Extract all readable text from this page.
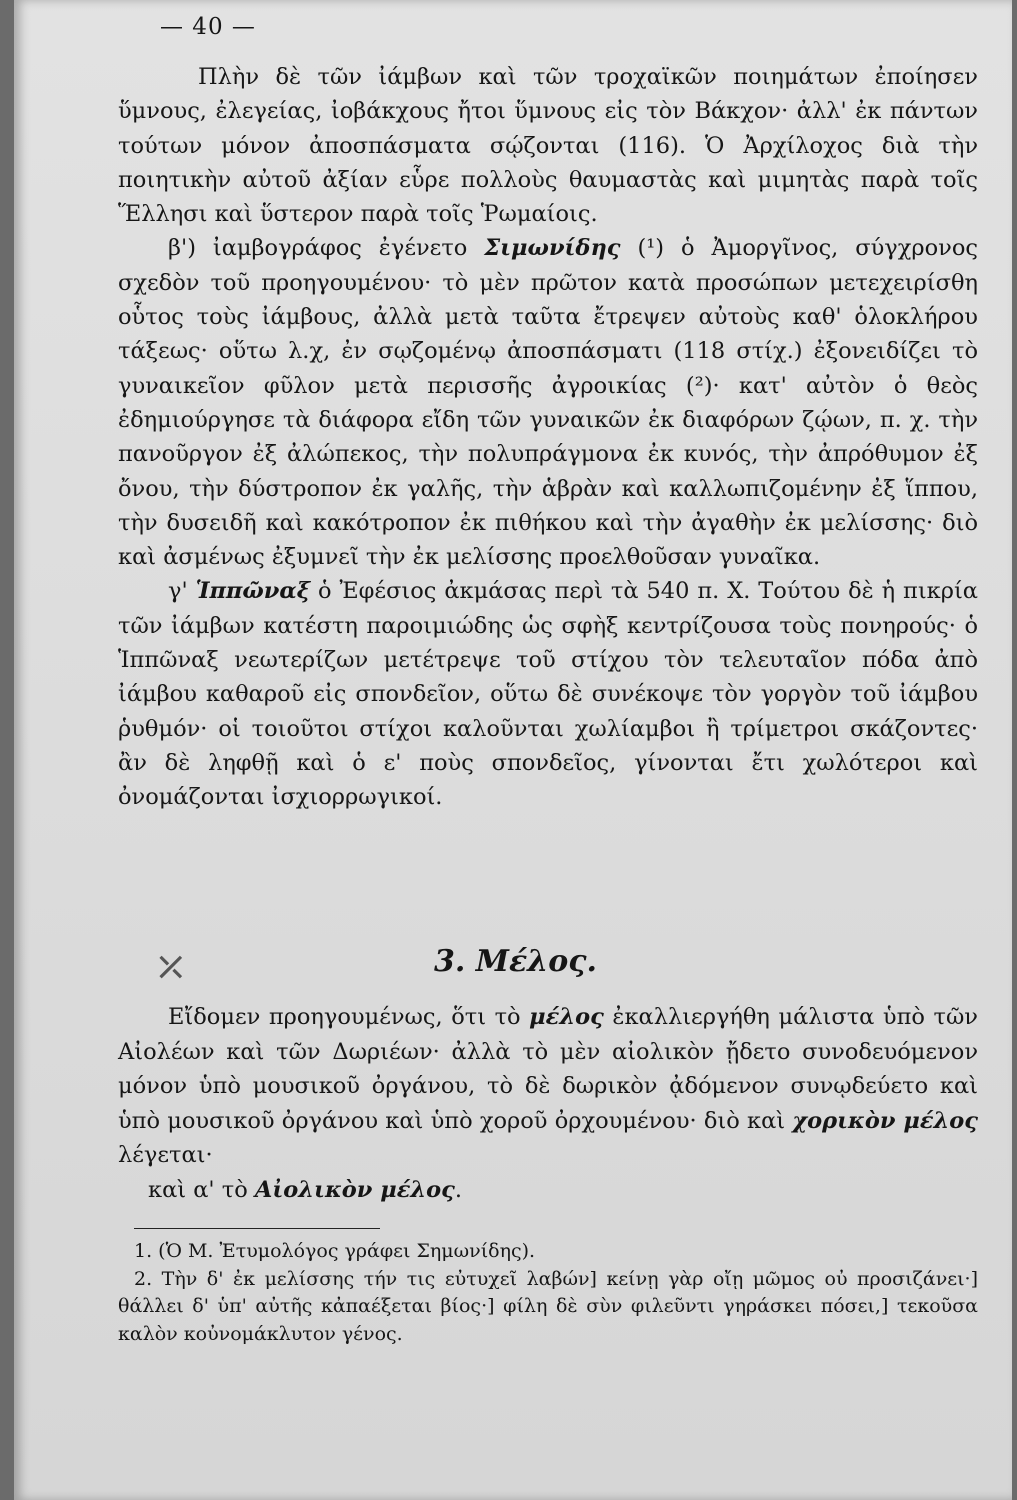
— 40 —

Πλὴν δὲ τῶν ἰάμβων καὶ τῶν τροχαϊκῶν ποιημάτων ἐποίησεν ὕμνους, ἐλεγείας, ἰοβάκχους ἤτοι ὕμνους εἰς τὸν Βάκχον· ἀλλ' ἐκ πάντων τούτων μόνον ἀποσπάσματα σῴζονται (116). Ὁ Ἀρχίλοχος διὰ τὴν ποιητικὴν αὐτοῦ ἀξίαν εὗρε πολλοὺς θαυμαστὰς καὶ μιμητὰς παρὰ τοῖς Ἕλλησι καὶ ὕστερον παρὰ τοῖς Ῥωμαίοις.

β') ἰαμβογράφος ἐγένετο Σιμωνίδης (¹) ὁ Ἀμοργῖνος, σύγχρονος σχεδὸν τοῦ προηγουμένου· τὸ μὲν πρῶτον κατὰ προσώπων μετεχειρίσθη οὗτος τοὺς ἰάμβους, ἀλλὰ μετὰ ταῦτα ἔτρεψεν αὐτοὺς καθ' ὁλοκλήρου τάξεως· οὕτω λ.χ, ἐν σῳζομένῳ ἀποσπάσματι (118 στίχ.) ἐξονειδίζει τὸ γυναικεῖον φῦλον μετὰ περισσῆς ἀγροικίας (²)· κατ' αὐτὸν ὁ θεὸς ἐδημιούργησε τὰ διάφορα εἴδη τῶν γυναικῶν ἐκ διαφόρων ζῴων, π. χ. τὴν πανοῦργον ἐξ ἀλώπεκος, τὴν πολυπράγμονα ἐκ κυνός, τὴν ἀπρόθυμον ἐξ ὄνου, τὴν δύστροπον ἐκ γαλῆς, τὴν ἁβρὰν καὶ καλλωπιζομένην ἐξ ἵππου, τὴν δυσειδῆ καὶ κακότροπον ἐκ πιθήκου καὶ τὴν ἀγαθὴν ἐκ μελίσσης· διὸ καὶ ἀσμένως ἐξυμνεῖ τὴν ἐκ μελίσσης προελθοῦσαν γυναῖκα.

γ' Ἱππῶναξ ὁ Ἐφέσιος ἀκμάσας περὶ τὰ 540 π. Χ. Τούτου δὲ ἡ πικρία τῶν ἰάμβων κατέστη παροιμιώδης ὡς σφὴξ κεντρίζουσα τοὺς πονηρούς· ὁ Ἱππῶναξ νεωτερίζων μετέτρεψε τοῦ στίχου τὸν τελευταῖον πόδα ἀπὸ ἰάμβου καθαροῦ εἰς σπονδεῖον, οὕτω δὲ συνέκοψε τὸν γοργὸν τοῦ ἰάμβου ῥυθμόν· οἱ τοιοῦτοι στίχοι καλοῦνται χωλίαμβοι ἢ τρίμετροι σκάζοντες· ἂν δὲ ληφθῇ καὶ ὁ ε' ποὺς σπονδεῖος, γίνονται ἔτι χωλότεροι καὶ ὀνομάζονται ἰσχιορρωγικοί.

⤫	3. Μέλος.

Εἴδομεν προηγουμένως, ὅτι τὸ μέλος ἐκαλλιεργήθη μάλιστα ὑπὸ τῶν Αἰολέων καὶ τῶν Δωριέων· ἀλλὰ τὸ μὲν αἰολικὸν ᾔδετο συνοδευόμενον μόνον ὑπὸ μουσικοῦ ὀργάνου, τὸ δὲ δωρικὸν ᾀδόμενον συνῳδεύετο καὶ ὑπὸ μουσικοῦ ὀργάνου καὶ ὑπὸ χοροῦ ὀρχουμένου· διὸ καὶ χορικὸν μέλος λέγεται·

καὶ α' τὸ Αἰολικὸν μέλος.

1. (Ὁ Μ. Ἐτυμολόγος γράφει Σημωνίδης).

2. Τὴν δ' ἐκ μελίσσης τήν τις εὐτυχεῖ λαβών] κείνῃ γὰρ οἴῃ μῶμος οὐ προσιζάνει·] θάλλει δ' ὑπ' αὐτῆς κἀπαέξεται βίος·] φίλη δὲ σὺν φιλεῦντι γηράσκει πόσει,] τεκοῦσα καλὸν κοὐνομάκλυτον γένος.
